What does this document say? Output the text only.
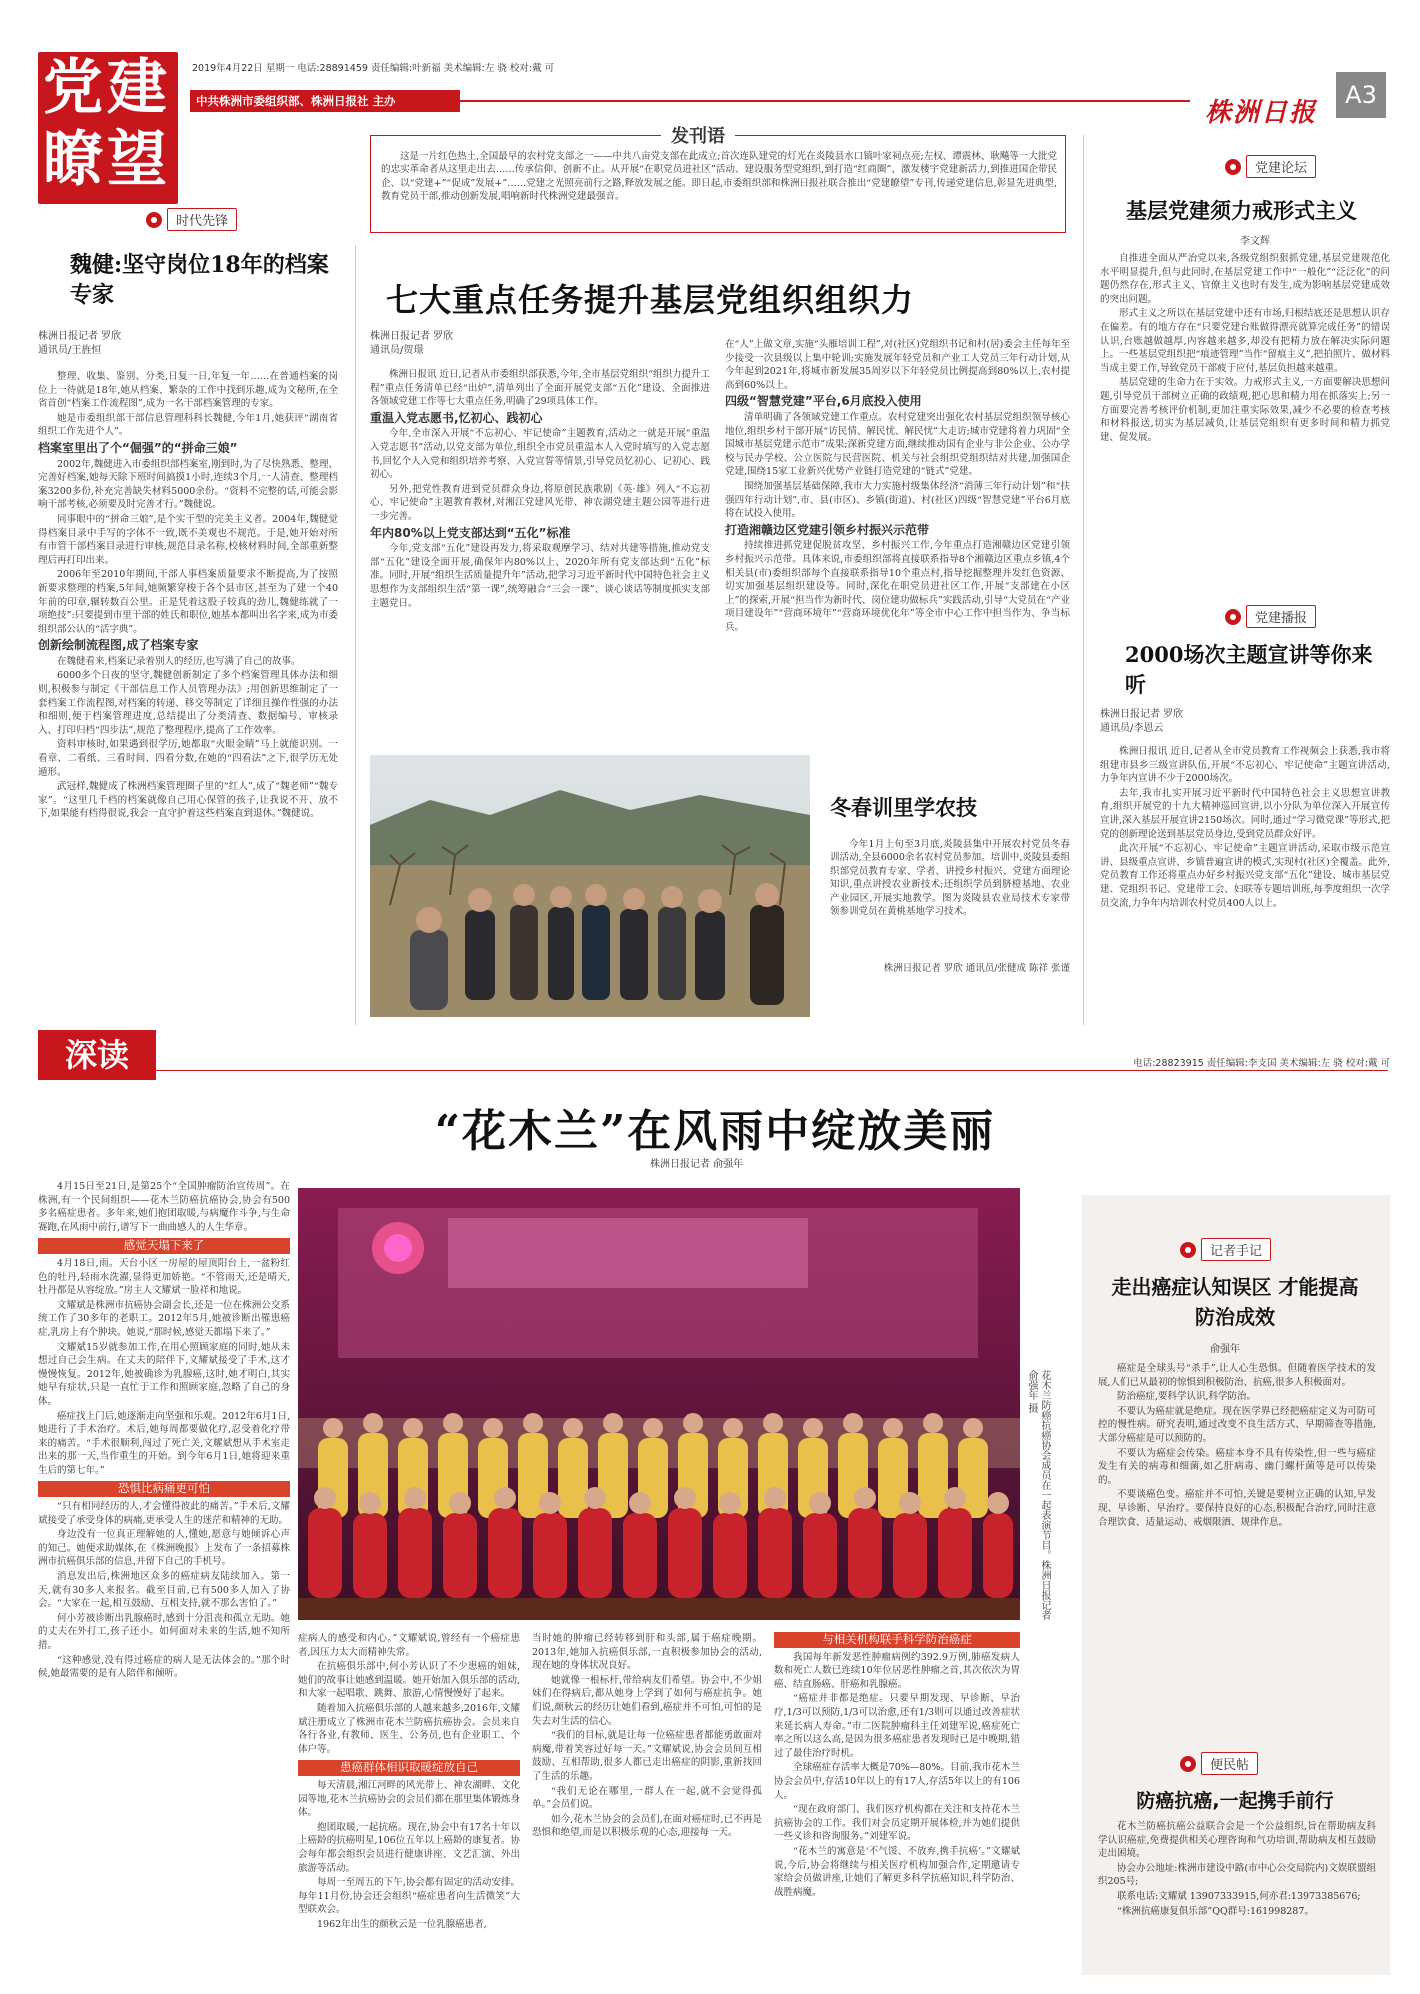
党建
瞭望
2019年4月22日 星期一 电话:28891459 责任编辑:叶新福 美术编辑:左 骁 校对:戴 可
中共株洲市委组织部、株洲日报社 主办	株洲日报
A3
发刊语
这是一片红色热土,全国最早的农村党支部之一——中共八亩党支部在此成立;首次连队建党的灯光在炎陵县水口镇叶家祠点亮;左权、谭震林、耿飚等一大批党的忠实革命者从这里走出去……传承信仰、创新不止。从开展“在职党员进社区”活动、建设服务型党组织,到打造“红商圈”、激发楼宇党建新活力,到推进国企带民企、以“党建+”“促成”发展+”……党建之光照亮前行之路,释放发展之能。即日起,市委组织部和株洲日报社联合推出“党建瞭望”专刊,传递党建信息,彰显先进典型,教育党员干部,推动创新发展,唱响新时代株洲党建最强音。
时代先锋
魏健:坚守岗位18年的档案专家
株洲日报记者 罗欣
通讯员/王旌恒

整理、收集、鉴别、分类,日复一日,年复一年……在普通档案的岗位上一待就是18年,她从档案、繁杂的工作中找到乐趣,成为文秘所,在全省首创“档案工作流程图”,成为一名干部档案管理的专家。

她是市委组织部干部信息管理科科长魏健,今年1月,她获评“湖南省组织工作先进个人”。

档案室里出了个“倔强”的“拼命三娘”

2002年,魏健进入市委组织部档案室,刚到时,为了尽快熟悉、整理、完善好档案,她每天除下班时间搞摸1小时,连续3个月,一人清查、整理档案3200多份,补充完善缺失材料5000余份。“资料不完整的话,可能会影响干部考核,必须要及时完善才行。”魏健说。

同事眼中的“拼命三娘”,是个实干型的完美主义者。2004年,魏健觉得档案目录中手写的字体不一致,既不美观也不规范。于是,她开始对所有市管干部档案目录进行审核,规范目录名称,校核材料时间,全部重新整理后再打印出来。

2006年至2010年期间,干部人事档案质量要求不断提高,为了按照新要求整理的档案,5年间,她频繁穿梭于各个县市区,甚至为了建一个40年前的印章,辗转数百公里。正是凭着这股子较真的劲儿,魏健练就了一项绝技”:只要提到市里干部的姓氏和职位,她基本都叫出名字来,成为市委组织部公认的“活字典”。

创新绘制流程图,成了档案专家

在魏健看来,档案记录着别人的经历,也写满了自己的故事。

6000多个日夜的坚守,魏健创新制定了多个档案管理具体办法和细则,积极参与制定《干部信息工作人员管理办法》;用创新思维制定了一套档案工作流程图,对档案的转递、移交等制定了详细且操作性强的办法和细则,便于档案管理进度,总结提出了分类清查、数据编号、审核录入、打印归档“四步法”,规范了整理程序,提高了工作效率。

资料审核时,如果遇到很学历,她都取“火眼金睛”马上就能识别。一看章、二看纸、三看时间、四看分数,在她的“四看法”之下,很学历无处遁形。

武冠样,魏健成了株洲档案管理圈子里的“红人”,成了“魏老师”“魏专家”。“这里几千档的档案就像自己用心保管的孩子,让我说不开、放不下,如果能有档得很说,我会一直守护着这些档案直到退休。”魏健说。

七大重点任务提升基层党组织组织力
株洲日报记者 罗欣
通讯员/贺璟

株洲日报讯 近日,记者从市委组织部获悉,今年,全市基层党组织“组织力提升工程”重点任务清单已经“出炉”,清单列出了全面开展党支部“五化”建设、全面推进各领域党建工作等七大重点任务,明确了29项具体工作。

重温入党志愿书,忆初心、践初心

今年,全市深入开展“不忘初心、牢记使命”主题教育,活动之一就是开展“重温入党志愿书”活动,以党支部为单位,组织全市党员重温本人入党时填写的入党志愿书,回忆个人入党和组织培养考察、入党宣誓等情景,引导党员忆初心、记初心、践初心。

另外,把党性教育进到党员群众身边,将原创民族歌剧《英·雄》列入“不忘初心、牢记使命”主题教育教材,对湘江党建风光带、神农湖党建主题公园等进行进一步完善。

年内80%以上党支部达到“五化”标准

今年,党支部“五化”建设再发力,将采取观摩学习、结对共建等措施,推动党支部“五化”建设全面开展,确保年内80%以上、2020年所有党支部达到“五化”标准。同时,开展“组织生活质量提升年”活动,把学习习近平新时代中国特色社会主义思想作为支部组织生活“第一课”,统筹融合“三会一课”、谈心谈话等制度抓实支部主题党日。

在“人”上做文章,实施“头雁培训工程”,对(社区)党组织书记和村(居)委会主任每年至少接受一次县级以上集中轮训;实施发展年轻党员和产业工人党员三年行动计划,从今年起到2021年,将城市新发展35周岁以下年轻党员比例提高到80%以上,农村提高到60%以上。

四级“智慧党建”平台,6月底投入使用

清单明确了各领域党建工作重点。农村党建突出强化农村基层党组织领导核心地位,组织乡村干部开展“访民情、解民忧、解民忧”大走访;城市党建将着力巩固“全国城市基层党建示范市”成果;深新党建方面,继续推动国有企业与非公企业、公办学校与民办学校、公立医院与民营医院、机关与社会组织党组织结对共建,加强国企党建,围绕15家工业新兴优势产业链打造党建的“链式”党建。

围绕加强基层基础保障,我市大力实施村级集体经济“消薄三年行动计划”和“扶强四年行动计划”,市、县(市区)、乡镇(街道)、村(社区)四级“智慧党建”平台6月底将在试投入使用。

打造湘赣边区党建引领乡村振兴示范带

持续推进抓党建促脱贫攻坚、乡村振兴工作,今年重点打造湘赣边区党建引领乡村振兴示范带。具体来说,市委组织部将直接联系指导8个湘赣边区重点乡镇,4个相关县(市)委组织部每个直接联系指导10个重点村,指导挖掘整理并发红色资源、切实加强基层组织建设等。同时,深化在职党员进社区工作,开展“支部建在小区上”的探索,开展“担当作为新时代、岗位建功做标兵”实践活动,引导“大党员在“产业项目建设年”“营商环境年”“营商环境优化年”等全市中心工作中担当作为、争当标兵。

冬春训里学农技
今年1月上旬至3月底,炎陵县集中开展农村党员冬春训活动,全县6000余名农村党员参加。培训中,炎陵县委组织部党员教育专家、学者、讲授乡村振兴、党建方面理论知识,重点讲授农业新技术;还组织学员到脐橙基地、农业产业园区,开展实地教学。图为炎陵县农业局技术专家带领参训党员在黄桃基地学习技术。
株洲日报记者 罗欣 通讯员/张健成 陈祥 张谨
党建论坛
基层党建须力戒形式主义
李文辉

自推进全面从严治党以来,各级党组织狠抓党建,基层党建规范化水平明显提升,但与此同时,在基层党建工作中“一般化”“泛泛化”的问题仍然存在,形式主义、官僚主义也时有发生,成为影响基层党建成效的突出问题。

形式主义之所以在基层党建中还有市场,归根结底还是思想认识存在偏差。有的地方存在“只要党建台账做得漂亮就算完成任务”的错误认识,台账越做越厚,内容越来越多,却没有把精力放在解决实际问题上。一些基层党组织把“痕迹管理”当作“留痕主义”,把拍照片、做材料当成主要工作,导致党员干部疲于应付,基层负担越来越重。

基层党建的生命力在于实效。力戒形式主义,一方面要解决思想问题,引导党员干部树立正确的政绩观,把心思和精力用在抓落实上;另一方面要完善考核评价机制,更加注重实际效果,减少不必要的检查考核和材料报送,切实为基层减负,让基层党组织有更多时间和精力抓党建、促发展。

党建播报
2000场次主题宣讲等你来听
株洲日报记者 罗欣
通讯员/李恩云

株洲日报讯 近日,记者从全市党员教育工作视频会上获悉,我市将组建市县乡三级宣讲队伍,开展“不忘初心、牢记使命”主题宣讲活动,力争年内宣讲不少于2000场次。

去年,我市扎实开展习近平新时代中国特色社会主义思想宣讲教育,组织开展党的十九大精神巡回宣讲,以小分队为单位深入开展宣传宣讲,深入基层开展宣讲2150场次。同时,通过“学习微党课”等形式,把党的创新理论送到基层党员身边,受到党员群众好评。

此次开展“不忘初心、牢记使命”主题宣讲活动,采取市级示范宣讲、县级重点宣讲、乡镇普遍宣讲的模式,实现村(社区)全覆盖。此外,党员教育工作还将重点办好乡村振兴党支部“五化”建设、城市基层党建、党组织书记、党建带工会、妇联等专题培训班,每季度组织一次学员交流,力争年内培训农村党员400人以上。

深读	电话:28823915 责任编辑:李支国 美术编辑:左 骁 校对:戴 可
“花木兰”在风雨中绽放美丽
株洲日报记者 俞强年

4月15日至21日,是第25个“全国肿瘤防治宣传周”。在株洲,有一个民间组织——花木兰防癌抗癌协会,协会有500多名癌症患者。多年来,她们抱团取暖,与病魔作斗争,与生命赛跑,在风雨中前行,谱写下一曲曲感人的人生华章。

感觉天塌下来了

4月18日,雨。天台小区一房屋的屋顶阳台上,一盆粉红色的牡丹,轻雨水洗濯,显得更加娇艳。“不管雨天,还是晴天,牡丹都是从容绽放。”房主人文耀斌一脸祥和地说。

文耀斌是株洲市抗癌协会副会长,还是一位在株洲公交系统工作了30多年的老职工。2012年5月,她被诊断出罹患癌症,乳房上有个肿块。她说,“那时候,感觉天都塌下来了。”

文耀斌15岁就参加工作,在用心照顾家庭的同时,她从未想过自己会生病。在丈夫的陪伴下,文耀斌接受了手术,这才慢慢恢复。2012年,她被确诊为乳腺癌,这时,她才明白,其实她早有症状,只是一直忙于工作和照顾家庭,忽略了自己的身体。

癌症找上门后,她逐渐走向坚强和乐观。2012年6月1日,她进行了手术治疗。术后,她每周都要做化疗,忍受着化疗带来的痛苦。“手术很顺利,闯过了死亡关,文耀斌想从手术室走出来的那一天,当作重生的开始。到今年6月1日,她将迎来重生后的第七年。”

恐惧比病痛更可怕

“只有相同经历的人,才会懂得彼此的痛苦。”手术后,文耀斌接受了承受身体的病痛,更承受人生的迷茫和精神的无助。

身边没有一位真正理解她的人,懂她,愿意与她倾诉心声的知己。她便求助媒体,在《株洲晚报》上发布了一条招募株洲市抗癌俱乐部的信息,并留下自己的手机号。

消息发出后,株洲地区众多的癌症病友陆续加入。第一天,就有30多人来报名。截至目前,已有500多人加入了协会。“大家在一起,相互鼓励、互相支持,就不那么害怕了。”

何小芳被诊断出乳腺癌时,感到十分沮丧和孤立无助。她的丈夫在外打工,孩子还小。如何面对未来的生活,她不知所措。

“这种感觉,没有得过癌症的病人是无法体会的。”那个时候,她最需要的是有人陪伴和倾听。

花木兰防癌抗癌协会成员在一起表演节目。株洲日报记者 俞强年 摄

症病人的感受和内心。”文耀斌说,曾经有一个癌症患者,因压力太大而精神失常。

在抗癌俱乐部中,何小芳认识了不少患癌的姐妹,她们的故事让她感到温暖。她开始加入俱乐部的活动,和大家一起唱歌、跳舞、旅游,心情慢慢好了起来。

随着加入抗癌俱乐部的人越来越多,2016年,文耀斌注册成立了株洲市花木兰防癌抗癌协会。会员来自各行各业,有教师、医生、公务员,也有企业职工、个体户等。

患癌群体相识取暖绽放自己

每天清晨,湘江河畔的风光带上、神农湖畔、文化园等地,花木兰抗癌协会的会员们都在那里集体锻炼身体。

抱团取暖,一起抗癌。现在,协会中有17名十年以上癌龄的抗癌明星,106位五年以上癌龄的康复者。协会每年都会组织会员进行健康讲座、文艺汇演、外出旅游等活动。

每周一至周五的下午,协会都有固定的活动安排。每年11月份,协会还会组织“癌症患者向生活微笑”大型联欢会。

1962年出生的颜秋云是一位乳腺癌患者,

当时她的肿瘤已经转移到肝和头部,属于癌症晚期。2013年,她加入抗癌俱乐部,一直积极参加协会的活动,现在她的身体状况良好。

她就像一根标杆,带给病友们希望。协会中,不少姐妹们在得病后,都从她身上学到了如何与癌症抗争。她们说,颜秋云的经历让她们看到,癌症并不可怕,可怕的是失去对生活的信心。

“我们的目标,就是让每一位癌症患者都能勇敢面对病魔,带着笑容过好每一天。”文耀斌说,协会会员间互相鼓励、互相帮助,很多人都已走出癌症的阴影,重新找回了生活的乐趣。

“我们无论在哪里,一群人在一起,就不会觉得孤单。”会员们说。

如今,花木兰协会的会员们,在面对癌症时,已不再是恐惧和绝望,而是以积极乐观的心态,迎接每一天。

与相关机构联手科学防治癌症

我国每年新发恶性肿瘤病例约392.9万例,肺癌发病人数和死亡人数已连续10年位居恶性肿瘤之首,其次依次为胃癌、结直肠癌、肝癌和乳腺癌。

“癌症并非都是绝症。只要早期发现、早诊断、早治疗,1/3可以预防,1/3可以治愈,还有1/3则可以通过改善症状来延长病人寿命。”市二医院肿瘤科主任刘建军说,癌症死亡率之所以这么高,是因为很多癌症患者发现时已是中晚期,错过了最佳治疗时机。

全球癌症存活率大概是70%—80%。目前,我市花木兰协会会员中,存活10年以上的有17人,存活5年以上的有106人。

“现在政府部门、我们医疗机构都在关注和支持花木兰抗癌协会的工作。我们对会员定期开展体检,并为她们提供一些义诊和咨询服务。”刘建军说。

“花木兰的寓意是‘不气馁、不放弃,携手抗癌’。”文耀斌说,今后,协会将继续与相关医疗机构加强合作,定期邀请专家给会员做讲座,让她们了解更多科学抗癌知识,科学防治、战胜病魔。

记者手记
走出癌症认知误区 才能提高防治成效
俞强年

癌症是全球头号“杀手”,让人心生恐惧。但随着医学技术的发展,人们已从最初的惊惧到积极防治、抗癌,很多人积极面对。

防治癌症,要科学认识,科学防治。

不要认为癌症就是绝症。现在医学界已经把癌症定义为可防可控的慢性病。研究表明,通过改变不良生活方式、早期筛查等措施,大部分癌症是可以预防的。

不要认为癌症会传染。癌症本身不具有传染性,但一些与癌症发生有关的病毒和细菌,如乙肝病毒、幽门螺杆菌等是可以传染的。

不要谈癌色变。癌症并不可怕,关键是要树立正确的认知,早发现、早诊断、早治疗。要保持良好的心态,积极配合治疗,同时注意合理饮食、适量运动、戒烟限酒、规律作息。

便民帖
防癌抗癌,一起携手前行

花木兰防癌抗癌公益联合会是一个公益组织,旨在帮助病友科学认识癌症,免费提供相关心理咨询和气功培训,帮助病友相互鼓励走出困境。

协会办公地址:株洲市建设中路(市中心公交局院内)文娱联盟组织205号;

联系电话:文耀斌 13907333915,何亦君:13973385676;

“株洲抗癌康复俱乐部”QQ群号:161998287。
